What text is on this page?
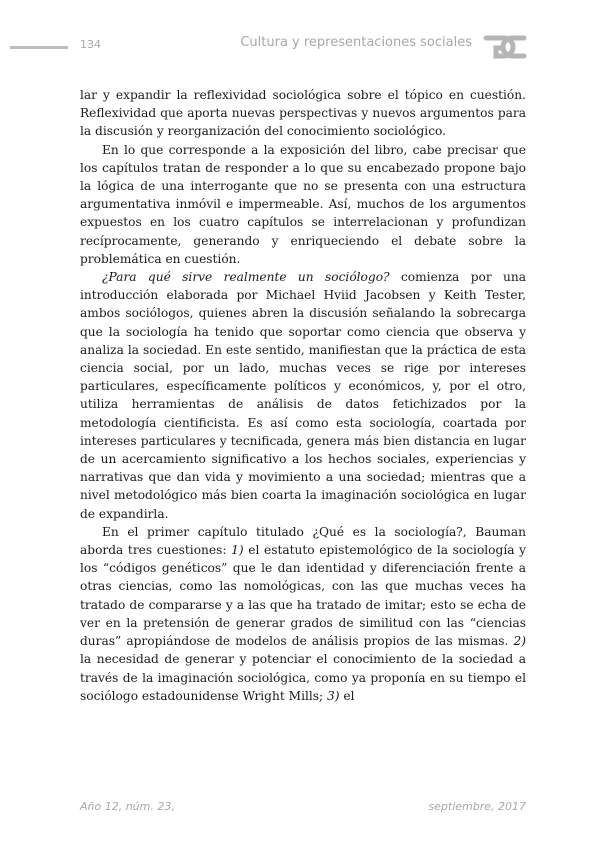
134	Cultura y representaciones sociales

lar y expandir la reflexividad sociológica sobre el tópico en cuestión. Reflexividad que aporta nuevas perspectivas y nuevos argumentos para la discusión y reorganización del conocimiento sociológico.

En lo que corresponde a la exposición del libro, cabe precisar que los capítulos tratan de responder a lo que su encabezado propone bajo la lógica de una interrogante que no se presenta con una estructura argumentativa inmóvil e impermeable. Así, muchos de los argumentos expuestos en los cuatro capítulos se interrelacionan y profundizan recíprocamente, generando y enriqueciendo el debate sobre la problemática en cuestión.

¿Para qué sirve realmente un sociólogo? comienza por una introducción elaborada por Michael Hviid Jacobsen y Keith Tester, ambos sociólogos, quienes abren la discusión señalando la sobrecarga que la sociología ha tenido que soportar como ciencia que observa y analiza la sociedad. En este sentido, manifiestan que la práctica de esta ciencia social, por un lado, muchas veces se rige por intereses particulares, específicamente políticos y económicos, y, por el otro, utiliza herramientas de análisis de datos fetichizados por la metodología cientificista. Es así como esta sociología, coartada por intereses particulares y tecnificada, genera más bien distancia en lugar de un acercamiento significativo a los hechos sociales, experiencias y narrativas que dan vida y movimiento a una sociedad; mientras que a nivel metodológico más bien coarta la imaginación sociológica en lugar de expandirla.

En el primer capítulo titulado ¿Qué es la sociología?, Bauman aborda tres cuestiones: 1) el estatuto epistemológico de la sociología y los “códigos genéticos” que le dan identidad y diferenciación frente a otras ciencias, como las nomológicas, con las que muchas veces ha tratado de compararse y a las que ha tratado de imitar; esto se echa de ver en la pretensión de generar grados de similitud con las “ciencias duras” apropiándose de modelos de análisis propios de las mismas. 2) la necesidad de generar y potenciar el conocimiento de la sociedad a través de la imaginación sociológica, como ya proponía en su tiempo el sociólogo estadounidense Wright Mills; 3) el

Año 12, núm. 23,	septiembre, 2017
